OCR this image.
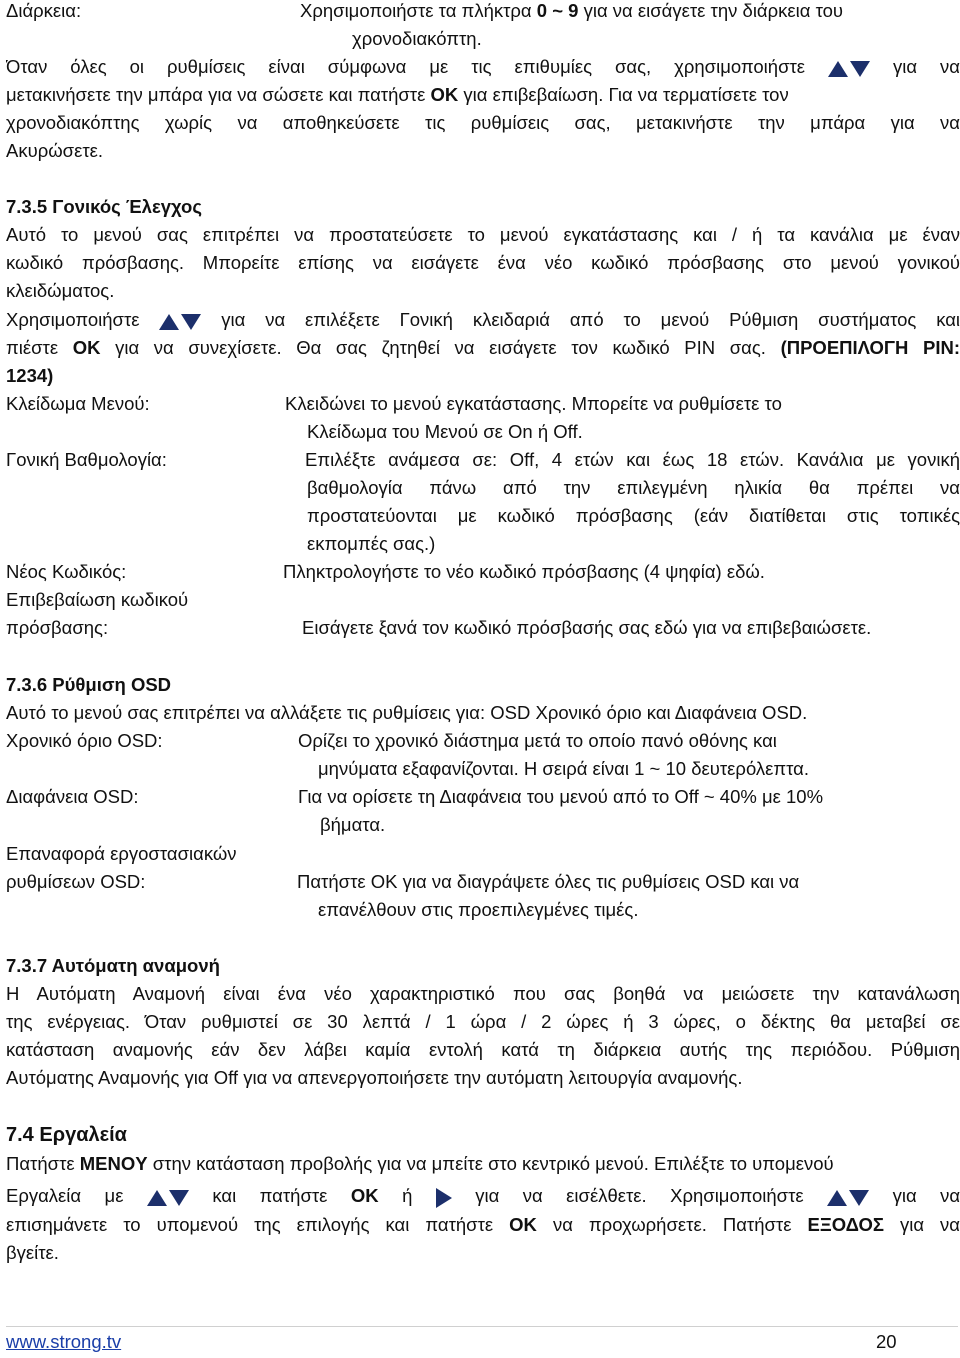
Διάρκεια:	Χρησιμοποιήστε τα πλήκτρα 0 ~ 9 για να εισάγετε την διάρκεια του
χρονοδιακόπτη.
Όταν όλες οι ρυθμίσεις είναι σύμφωνα με τις επιθυμίες σας, χρησιμοποιήστε	για να
μετακινήσετε την μπάρα για να σώσετε και πατήστε OK για επιβεβαίωση. Για να τερματίσετε τον
χρονοδιακόπτης χωρίς να αποθηκεύσετε τις ρυθμίσεις σας, μετακινήστε την μπάρα για να
Ακυρώσετε.
7.3.5 Γονικός Έλεγχος
Αυτό το μενού σας επιτρέπει να προστατεύσετε το μενού εγκατάστασης και / ή τα κανάλια με έναν
κωδικό πρόσβασης. Μπορείτε επίσης να εισάγετε ένα νέο κωδικό πρόσβασης στο μενού γονικού
κλειδώματος.
Χρησιμοποιήστε	για να επιλέξετε Γονική κλειδαριά από το μενού Ρύθμιση συστήματος και
πιέστε OK για να συνεχίσετε. Θα σας ζητηθεί να εισάγετε τον κωδικό PIN σας. (ΠΡΟΕΠΙΛΟΓΗ PIN:
1234)
Κλείδωμα Μενού:	Κλειδώνει το μενού εγκατάστασης. Μπορείτε να ρυθμίσετε το
Κλείδωμα του Μενού σε On ή Off.
Γονική Βαθμολογία:	Επιλέξτε ανάμεσα σε: Off, 4 ετών και έως 18 ετών. Κανάλια με γονική
βαθμολογία πάνω από την επιλεγμένη ηλικία θα πρέπει να
προστατεύονται με κωδικό πρόσβασης (εάν διατίθεται στις τοπικές
εκπομπές σας.)
Νέος Κωδικός:	Πληκτρολογήστε το νέο κωδικό πρόσβασης (4 ψηφία) εδώ.
Επιβεβαίωση κωδικού
πρόσβασης:	Εισάγετε ξανά τον κωδικό πρόσβασής σας εδώ για να επιβεβαιώσετε.
7.3.6 Ρύθμιση OSD
Αυτό το μενού σας επιτρέπει να αλλάξετε τις ρυθμίσεις για: OSD Χρονικό όριο και Διαφάνεια OSD.
Χρονικό όριο OSD:	Ορίζει το χρονικό διάστημα μετά το οποίο πανό οθόνης και
μηνύματα εξαφανίζονται. Η σειρά είναι 1 ~ 10 δευτερόλεπτα.
Διαφάνεια OSD:	Για να ορίσετε τη Διαφάνεια του μενού από το Off ~ 40% με 10%
βήματα.
Επαναφορά εργοστασιακών
ρυθμίσεων OSD:	Πατήστε OK για να διαγράψετε όλες τις ρυθμίσεις OSD και να
επανέλθουν στις προεπιλεγμένες τιμές.
7.3.7 Αυτόματη αναμονή
Η Αυτόματη Αναμονή είναι ένα νέο χαρακτηριστικό που σας βοηθά να μειώσετε την κατανάλωση
της ενέργειας. Όταν ρυθμιστεί σε 30 λεπτά / 1 ώρα / 2 ώρες ή 3 ώρες, ο δέκτης θα μεταβεί σε
κατάσταση αναμονής εάν δεν λάβει καμία εντολή κατά τη διάρκεια αυτής της περιόδου. Ρύθμιση
Αυτόματης Αναμονής για Off για να απενεργοποιήσετε την αυτόματη λειτουργία αναμονής.
7.4 Εργαλεία
Πατήστε MENOY στην κατάσταση προβολής για να μπείτε στο κεντρικό μενού. Επιλέξτε το υπομενού
Εργαλεία με	και πατήστε OK ή	για να εισέλθετε. Χρησιμοποιήστε	για να
επισημάνετε το υπομενού της επιλογής και πατήστε OK να προχωρήσετε. Πατήστε ΕΞΟΔΟΣ για να
βγείτε.
www.strong.tv	20
